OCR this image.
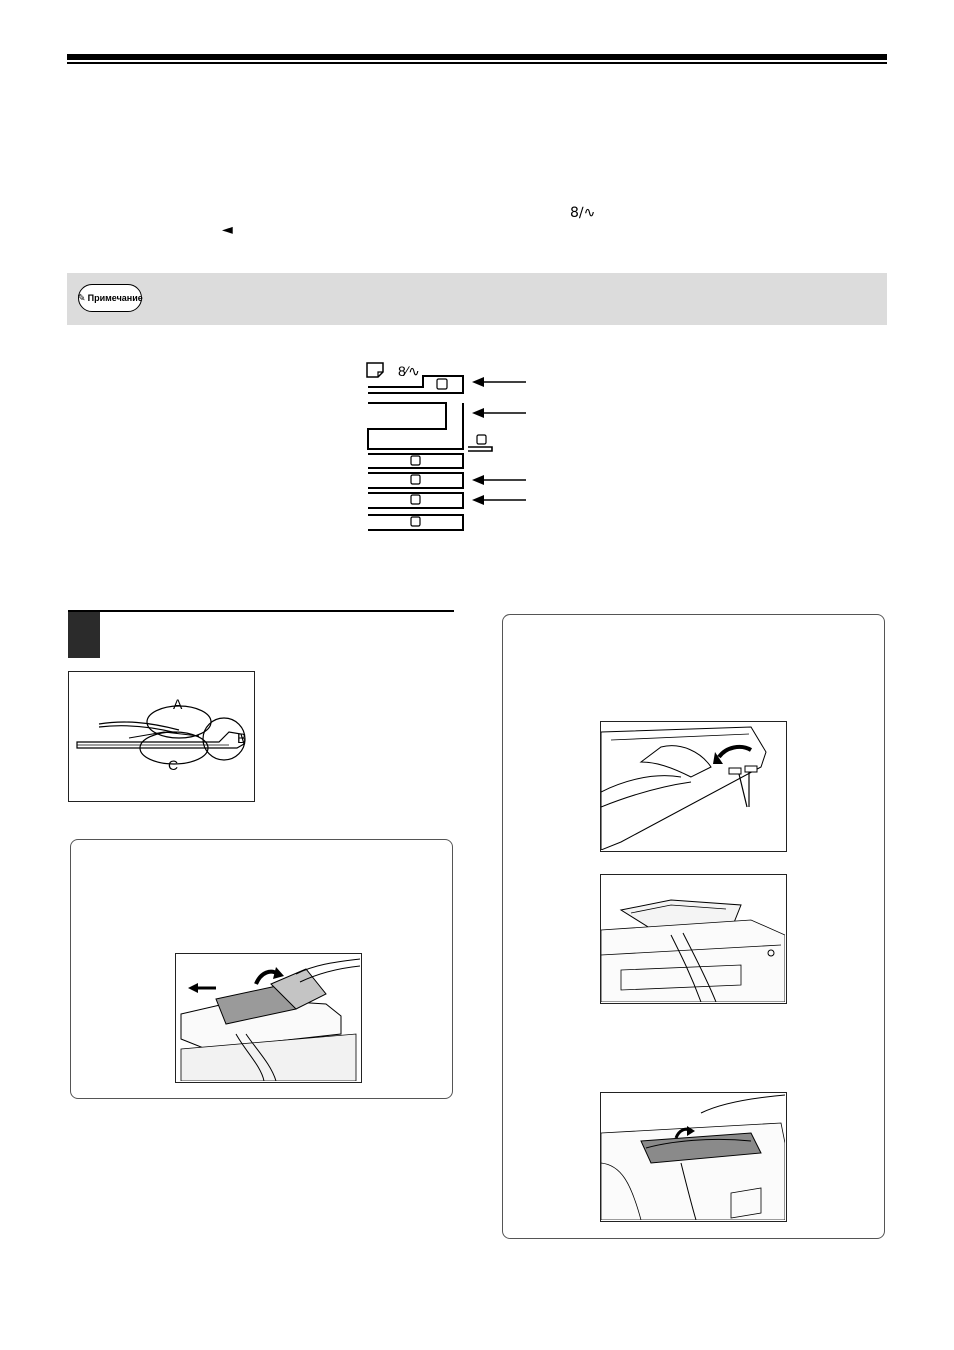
8∕∿
◄
✎ Примечание
8∕∿
A
B
C
